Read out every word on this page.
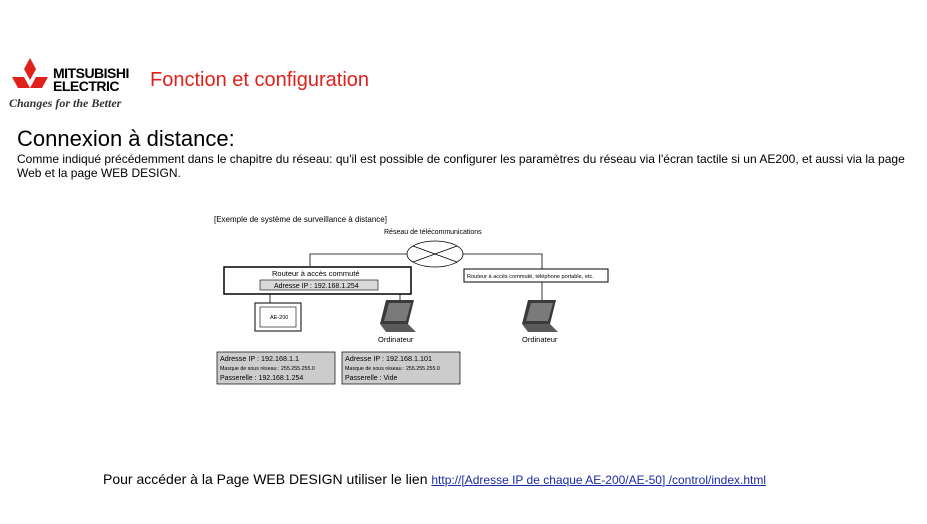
MITSUBISHI
ELECTRIC
Changes for the Better
Fonction et configuration
Connexion à distance:
Comme indiqué précédemment dans le chapitre du réseau: qu'il est possible de configurer les paramètres du réseau via l'écran tactile si un AE200, et aussi via la page Web et la page WEB DESIGN.
[Exemple de système de surveillance à distance]
Réseau de télécommunications
Routeur à accès commuté
Adresse IP : 192.168.1.254
Routeur à accès commuté, téléphone portable, etc.
AE-200
Ordinateur	Ordinateur
Adresse IP : 192.168.1.1
Masque de sous réseau : 255.255.255.0
Passerelle : 192.168.1.254
Adresse IP : 192.168.1.101
Masque de sous réseau : 255.255.255.0
Passerelle : Vide
Pour accéder à la Page WEB DESIGN utiliser le lien http://[Adresse IP de chaque AE-200/AE-50] /control/index.html
